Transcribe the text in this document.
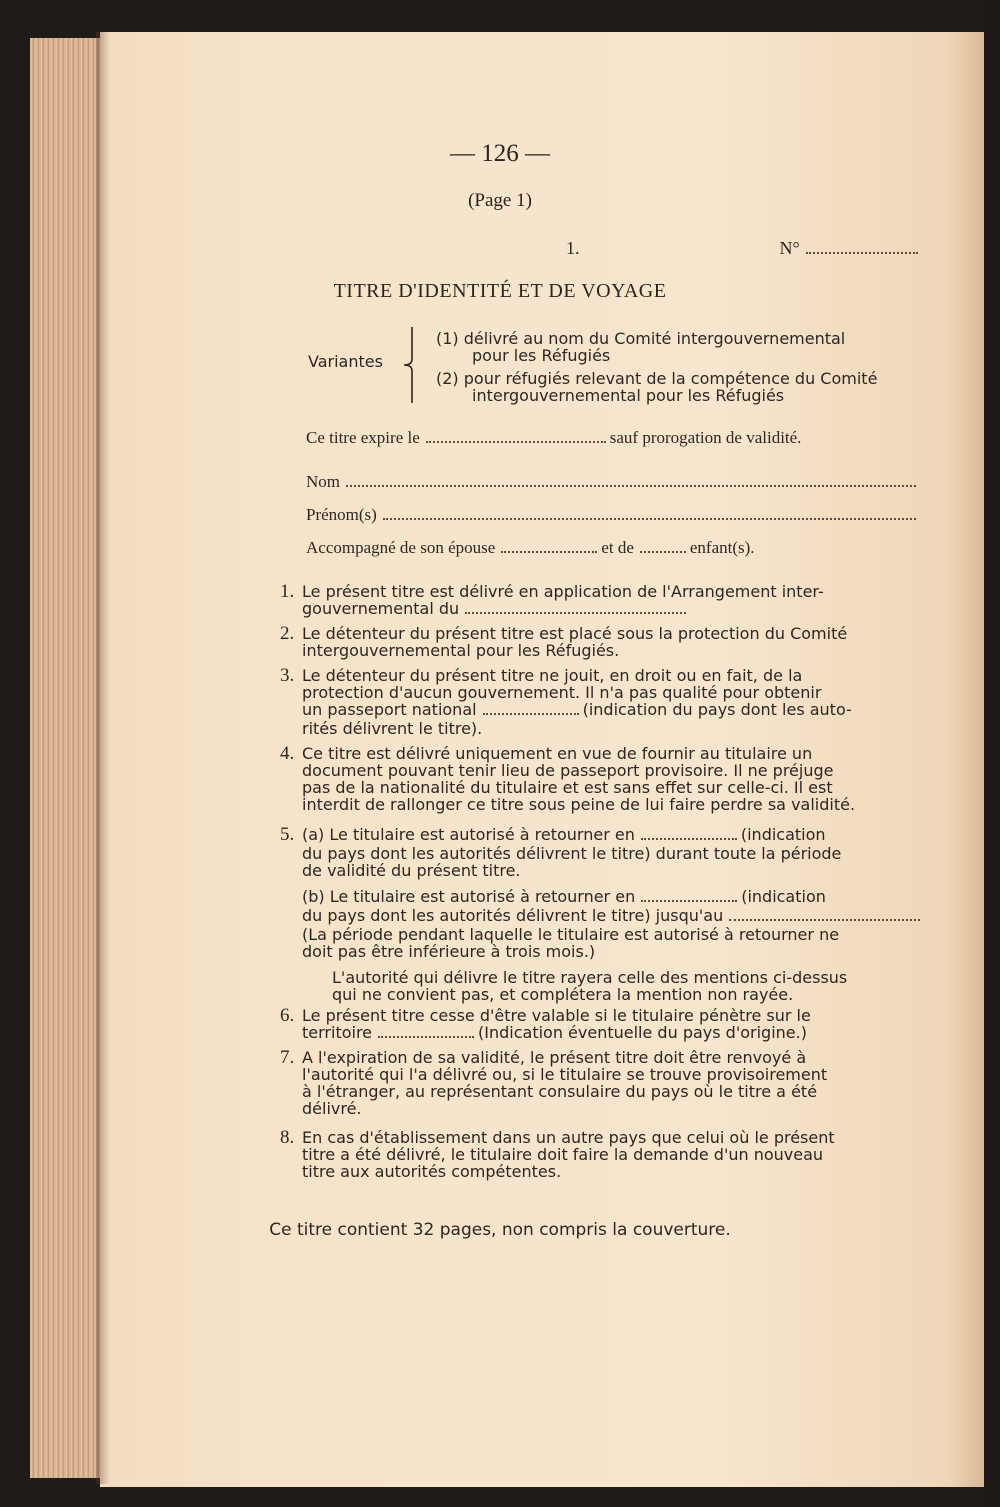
— 126 —

(Page 1)

1.	N°

TITRE D'IDENTITÉ ET DE VOYAGE

Variantes

(1) délivré au nom du Comité intergouvernemental
pour les Réfugiés
(2) pour réfugiés relevant de la compétence du Comité
intergouvernemental pour les Réfugiés
Ce titre expire le	sauf prorogation de validité.
Nom
Prénom(s)
Accompagné de son épouse	et de	enfant(s).
1. Le présent titre est délivré en application de l'Arrangement inter-
gouvernemental du
2. Le détenteur du présent titre est placé sous la protection du Comité
intergouvernemental pour les Réfugiés.
3. Le détenteur du présent titre ne jouit, en droit ou en fait, de la
protection d'aucun gouvernement. Il n'a pas qualité pour obtenir
un passeport national	(indication du pays dont les auto-
rités délivrent le titre).
4. Ce titre est délivré uniquement en vue de fournir au titulaire un
document pouvant tenir lieu de passeport provisoire. Il ne préjuge
pas de la nationalité du titulaire et est sans effet sur celle-ci. Il est
interdit de rallonger ce titre sous peine de lui faire perdre sa validité.
5. (a) Le titulaire est autorisé à retourner en	(indication
du pays dont les autorités délivrent le titre) durant toute la période
de validité du présent titre.
(b) Le titulaire est autorisé à retourner en	(indication
du pays dont les autorités délivrent le titre) jusqu'au
(La période pendant laquelle le titulaire est autorisé à retourner ne
doit pas être inférieure à trois mois.)
L'autorité qui délivre le titre rayera celle des mentions ci-dessus
qui ne convient pas, et complétera la mention non rayée.
6. Le présent titre cesse d'être valable si le titulaire pénètre sur le
territoire	(Indication éventuelle du pays d'origine.)
7. A l'expiration de sa validité, le présent titre doit être renvoyé à
l'autorité qui l'a délivré ou, si le titulaire se trouve provisoirement
à l'étranger, au représentant consulaire du pays où le titre a été
délivré.
8. En cas d'établissement dans un autre pays que celui où le présent
titre a été délivré, le titulaire doit faire la demande d'un nouveau
titre aux autorités compétentes.

Ce titre contient 32 pages, non compris la couverture.
